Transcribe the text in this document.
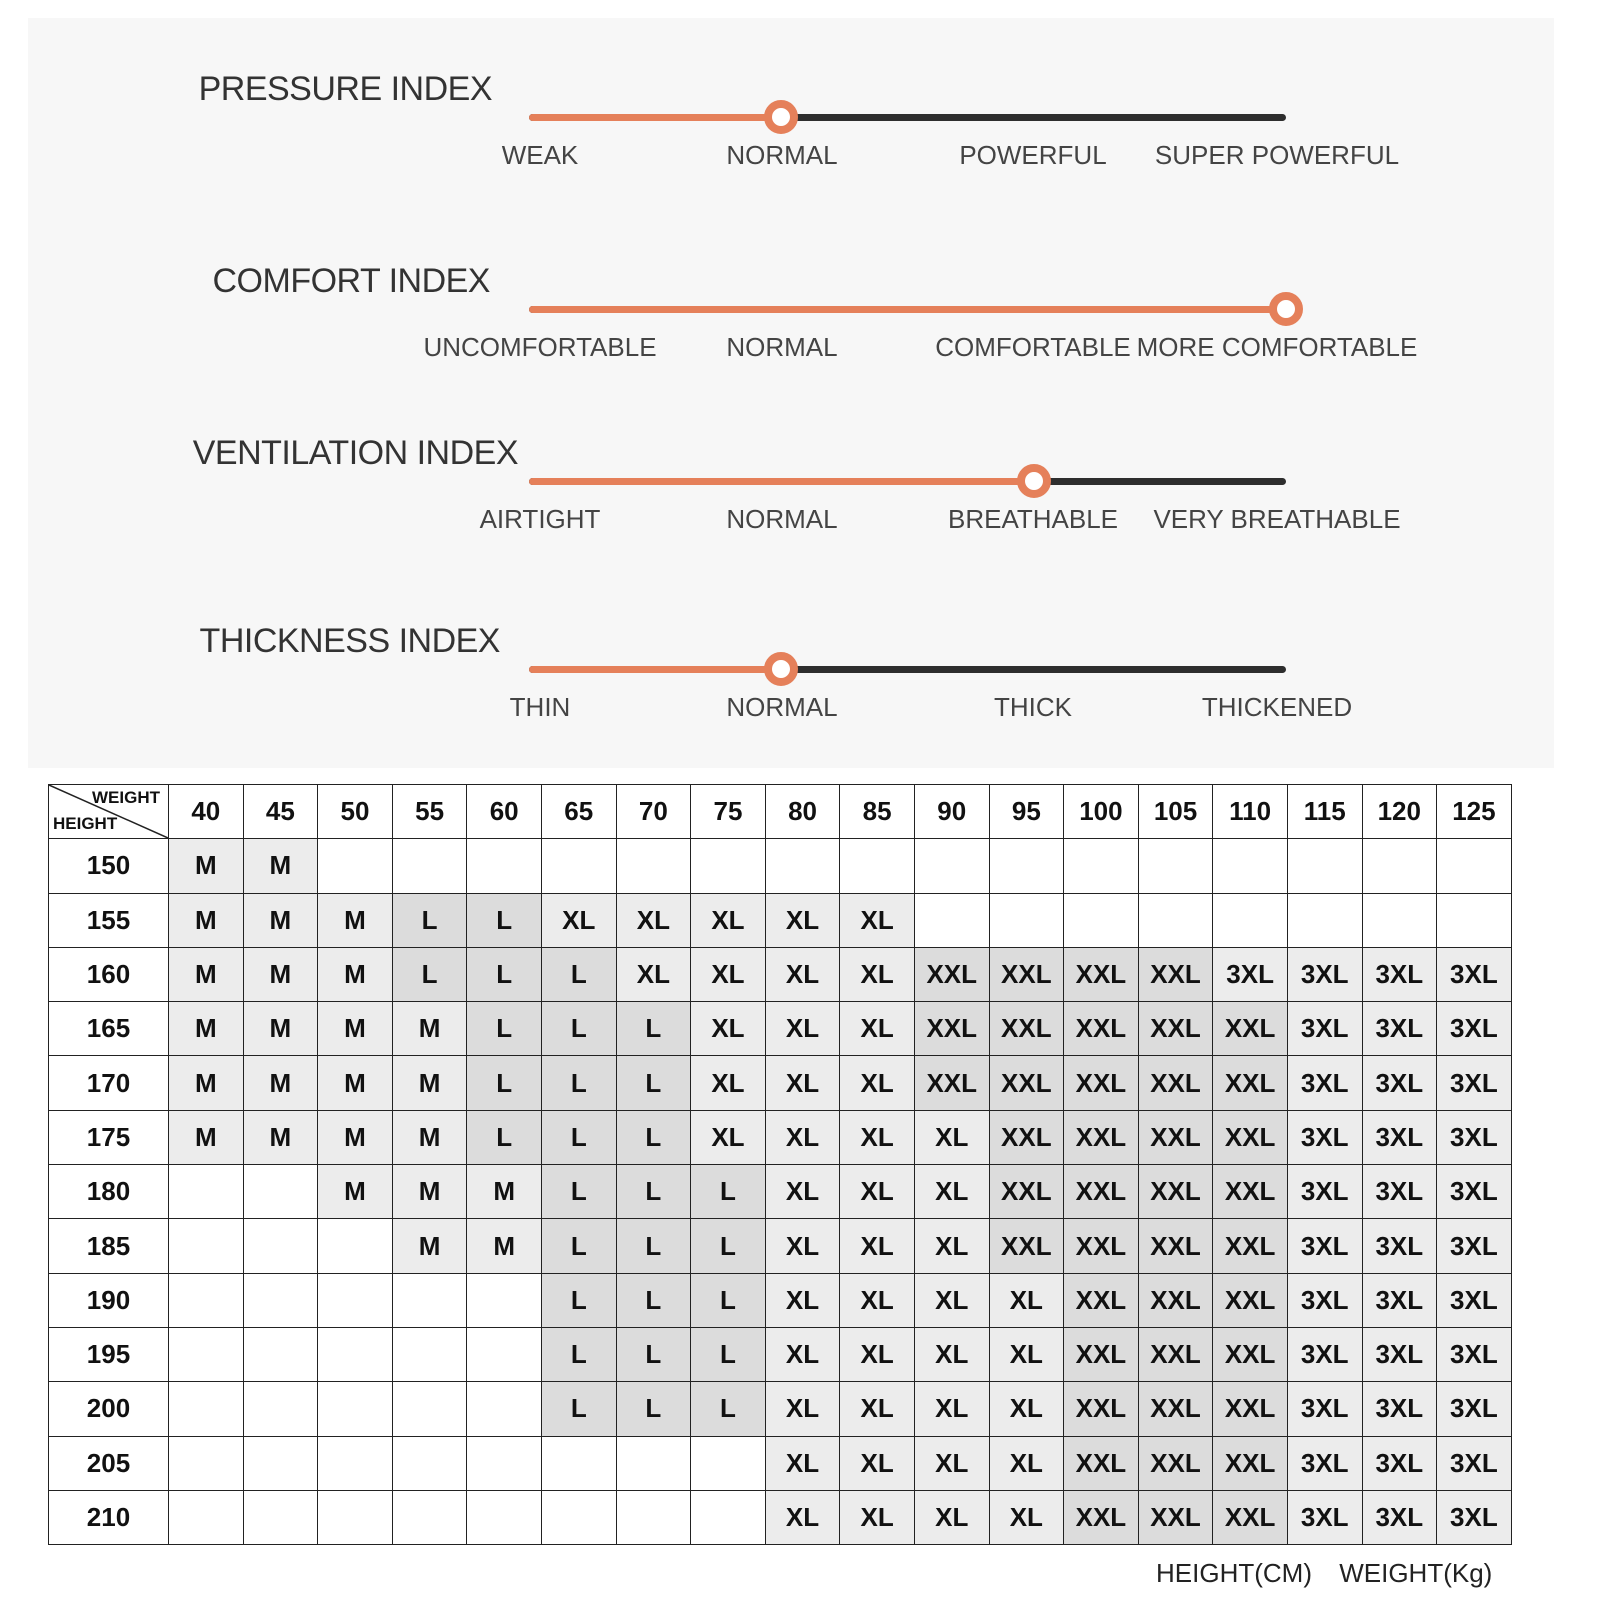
PRESSURE INDEX
WEAK	NORMAL	POWERFUL	SUPER POWERFUL
COMFORT INDEX
UNCOMFORTABLE	NORMAL	COMFORTABLE MORE COMFORTABLE
VENTILATION INDEX
AIRTIGHT	NORMAL	BREATHABLE	VERY BREATHABLE
THICKNESS INDEX
THIN	NORMAL	THICK	THICKENED
WEIGHT
HEIGHT	40	45	50	55	60	65	70	75	80	85	90	95	100	105	110	115	120	125
150	M	M																
155	M	M	M	L	L	XL	XL	XL	XL	XL								
160	M	M	M	L	L	L	XL	XL	XL	XL	XXL	XXL	XXL	XXL	3XL	3XL	3XL	3XL
165	M	M	M	M	L	L	L	XL	XL	XL	XXL	XXL	XXL	XXL	XXL	3XL	3XL	3XL
170	M	M	M	M	L	L	L	XL	XL	XL	XXL	XXL	XXL	XXL	XXL	3XL	3XL	3XL
175	M	M	M	M	L	L	L	XL	XL	XL	XL	XXL	XXL	XXL	XXL	3XL	3XL	3XL
180			M	M	M	L	L	L	XL	XL	XL	XXL	XXL	XXL	XXL	3XL	3XL	3XL
185				M	M	L	L	L	XL	XL	XL	XXL	XXL	XXL	XXL	3XL	3XL	3XL
190						L	L	L	XL	XL	XL	XL	XXL	XXL	XXL	3XL	3XL	3XL
195						L	L	L	XL	XL	XL	XL	XXL	XXL	XXL	3XL	3XL	3XL
200						L	L	L	XL	XL	XL	XL	XXL	XXL	XXL	3XL	3XL	3XL
205									XL	XL	XL	XL	XXL	XXL	XXL	3XL	3XL	3XL
210									XL	XL	XL	XL	XXL	XXL	XXL	3XL	3XL	3XL
HEIGHT(CM) WEIGHT(Kg)
